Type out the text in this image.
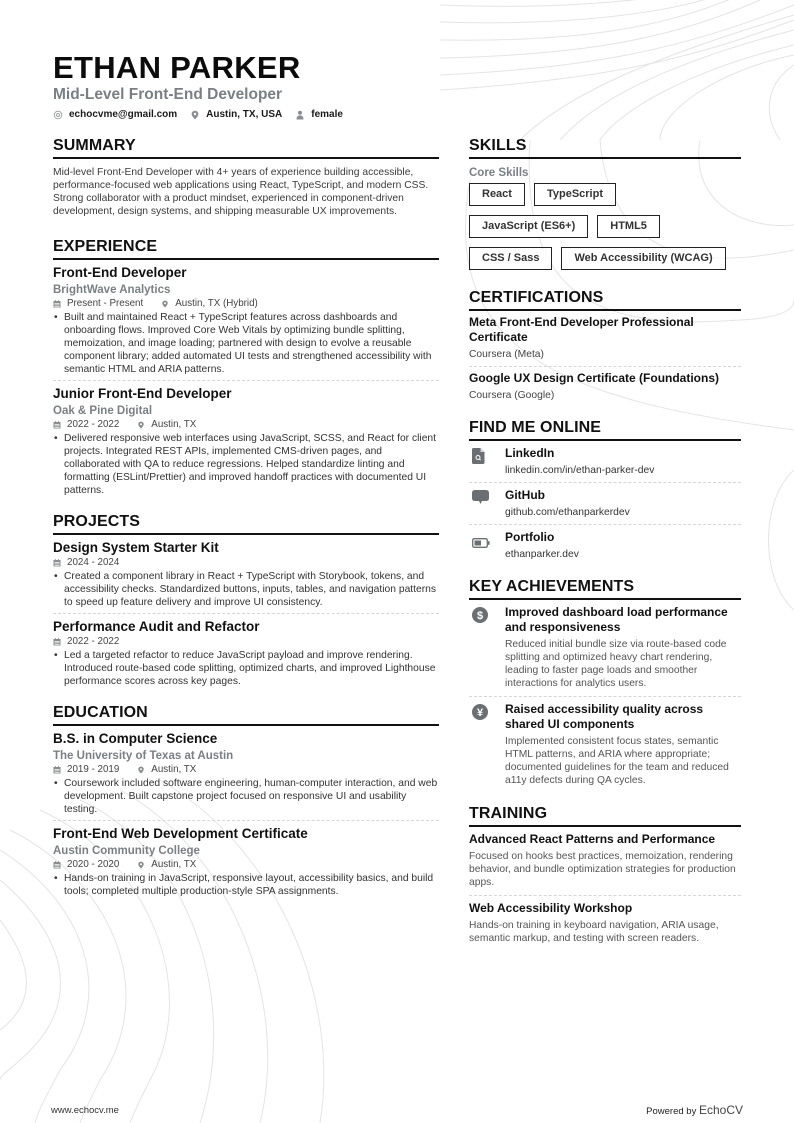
ETHAN PARKER
Mid-Level Front-End Developer
echocvme@gmail.com	Austin, TX, USA	female
SUMMARY
Mid-level Front-End Developer with 4+ years of experience building accessible, performance-focused web applications using React, TypeScript, and modern CSS. Strong collaborator with a product mindset, experienced in component-driven development, design systems, and shipping measurable UX improvements.
EXPERIENCE
Front-End Developer
BrightWave Analytics
Present - Present	Austin, TX (Hybrid)
• Built and maintained React + TypeScript features across dashboards and onboarding flows. Improved Core Web Vitals by optimizing bundle splitting, memoization, and image loading; partnered with design to evolve a reusable component library; added automated UI tests and strengthened accessibility with semantic HTML and ARIA patterns.
Junior Front-End Developer
Oak & Pine Digital
2022 - 2022	Austin, TX
• Delivered responsive web interfaces using JavaScript, SCSS, and React for client projects. Integrated REST APIs, implemented CMS-driven pages, and collaborated with QA to reduce regressions. Helped standardize linting and formatting (ESLint/Prettier) and improved handoff practices with documented UI patterns.
PROJECTS
Design System Starter Kit
2024 - 2024
• Created a component library in React + TypeScript with Storybook, tokens, and accessibility checks. Standardized buttons, inputs, tables, and navigation patterns to speed up feature delivery and improve UI consistency.
Performance Audit and Refactor
2022 - 2022
• Led a targeted refactor to reduce JavaScript payload and improve rendering. Introduced route-based code splitting, optimized charts, and improved Lighthouse performance scores across key pages.
EDUCATION
B.S. in Computer Science
The University of Texas at Austin
2019 - 2019	Austin, TX
• Coursework included software engineering, human-computer interaction, and web development. Built capstone project focused on responsive UI and usability testing.
Front-End Web Development Certificate
Austin Community College
2020 - 2020	Austin, TX
• Hands-on training in JavaScript, responsive layout, accessibility basics, and build tools; completed multiple production-style SPA assignments.
SKILLS
Core Skills
React	TypeScript
JavaScript (ES6+)	HTML5
CSS / Sass	Web Accessibility (WCAG)
CERTIFICATIONS
Meta Front-End Developer Professional Certificate
Coursera (Meta)
Google UX Design Certificate (Foundations)
Coursera (Google)
FIND ME ONLINE
LinkedIn
linkedin.com/in/ethan-parker-dev
GitHub
github.com/ethanparkerdev
Portfolio
ethanparker.dev
KEY ACHIEVEMENTS
$ Improved dashboard load performance and responsiveness
Reduced initial bundle size via route-based code splitting and optimized heavy chart rendering, leading to faster page loads and smoother interactions for analytics users.
¥ Raised accessibility quality across shared UI components
Implemented consistent focus states, semantic HTML patterns, and ARIA where appropriate; documented guidelines for the team and reduced a11y defects during QA cycles.
TRAINING
Advanced React Patterns and Performance
Focused on hooks best practices, memoization, rendering behavior, and bundle optimization strategies for production apps.
Web Accessibility Workshop
Hands-on training in keyboard navigation, ARIA usage, semantic markup, and testing with screen readers.
www.echocv.me	Powered by EchoCV
